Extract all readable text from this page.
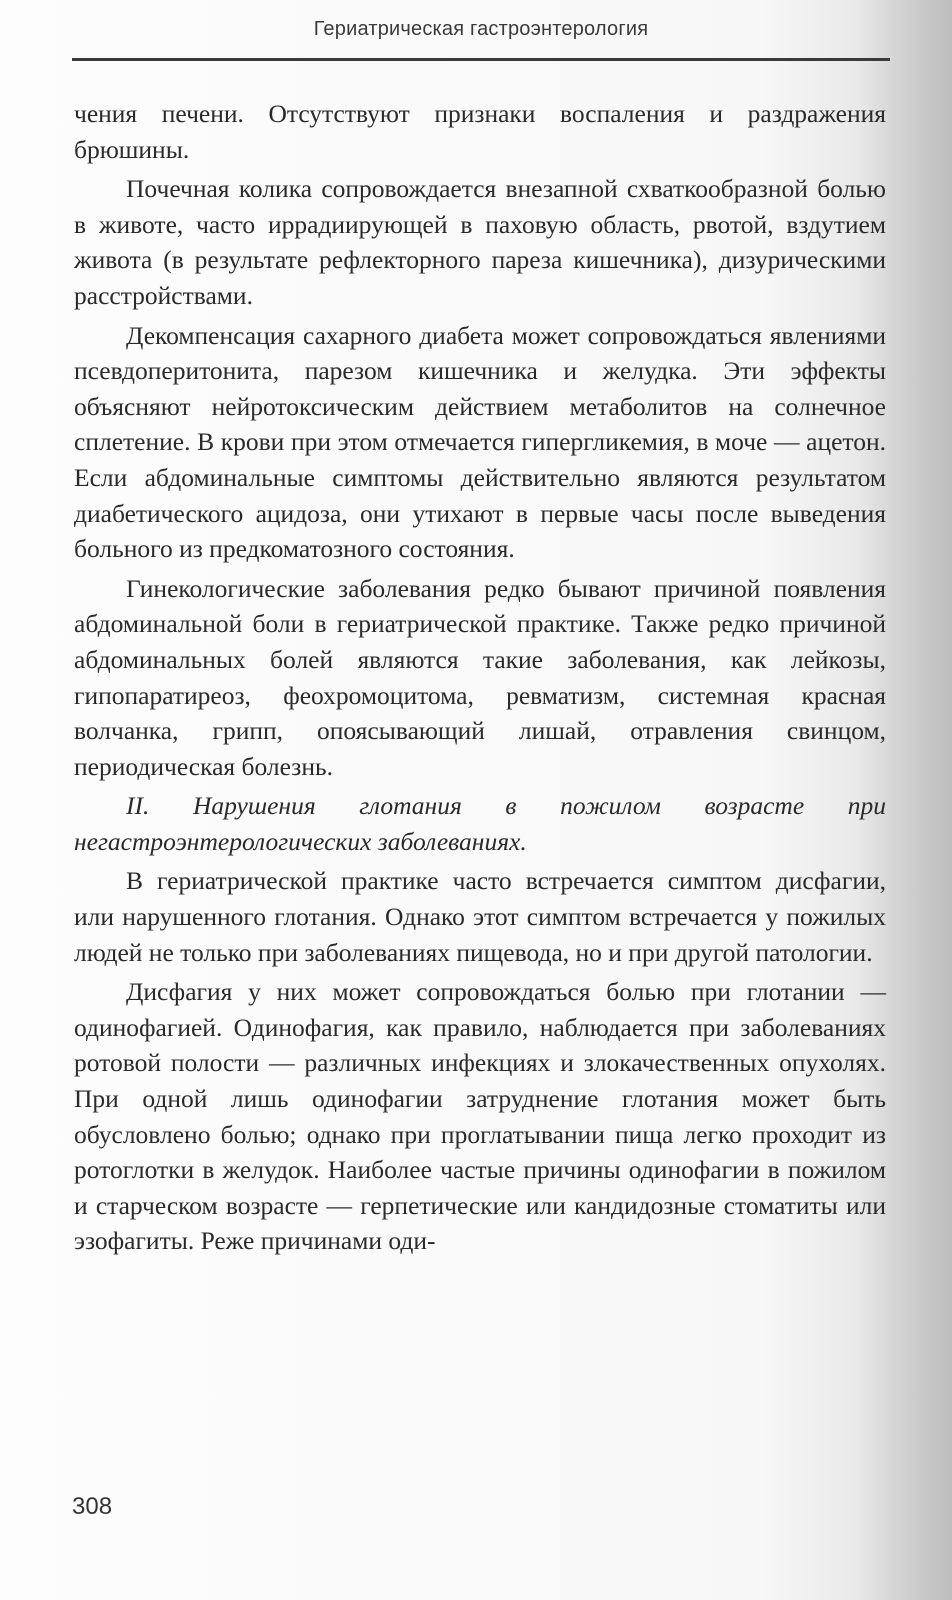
Гериатрическая гастроэнтерология

чения печени. Отсутствуют признаки воспаления и раздражения брюшины.

Почечная колика сопровождается внезапной схваткообразной болью в животе, часто иррадиирующей в паховую область, рвотой, вздутием живота (в результате рефлекторного пареза кишечника), дизурическими расстройствами.

Декомпенсация сахарного диабета может сопровождаться явлениями псевдоперитонита, парезом кишечника и желудка. Эти эффекты объясняют нейротоксическим действием метаболитов на солнечное сплетение. В крови при этом отмечается гипергликемия, в моче — ацетон. Если абдоминальные симптомы действительно являются результатом диабетического ацидоза, они утихают в первые часы после выведения больного из предкоматозного состояния.

Гинекологические заболевания редко бывают причиной появления абдоминальной боли в гериатрической практике. Также редко причиной абдоминальных болей являются такие заболевания, как лейкозы, гипопаратиреоз, феохромоцитома, ревматизм, системная красная волчанка, грипп, опоясывающий лишай, отравления свинцом, периодическая болезнь.

II. Нарушения глотания в пожилом возрасте при негастроэнтерологических заболеваниях.

В гериатрической практике часто встречается симптом дисфагии, или нарушенного глотания. Однако этот симптом встречается у пожилых людей не только при заболеваниях пищевода, но и при другой патологии.

Дисфагия у них может сопровождаться болью при глотании — одинофагией. Одинофагия, как правило, наблюдается при заболеваниях ротовой полости — различных инфекциях и злокачественных опухолях. При одной лишь одинофагии затруднение глотания может быть обусловлено болью; однако при проглатывании пища легко проходит из ротоглотки в желудок. Наиболее частые причины одинофагии в пожилом и старческом возрасте — герпетические или кандидозные стоматиты или эзофагиты. Реже причинами оди-

308
